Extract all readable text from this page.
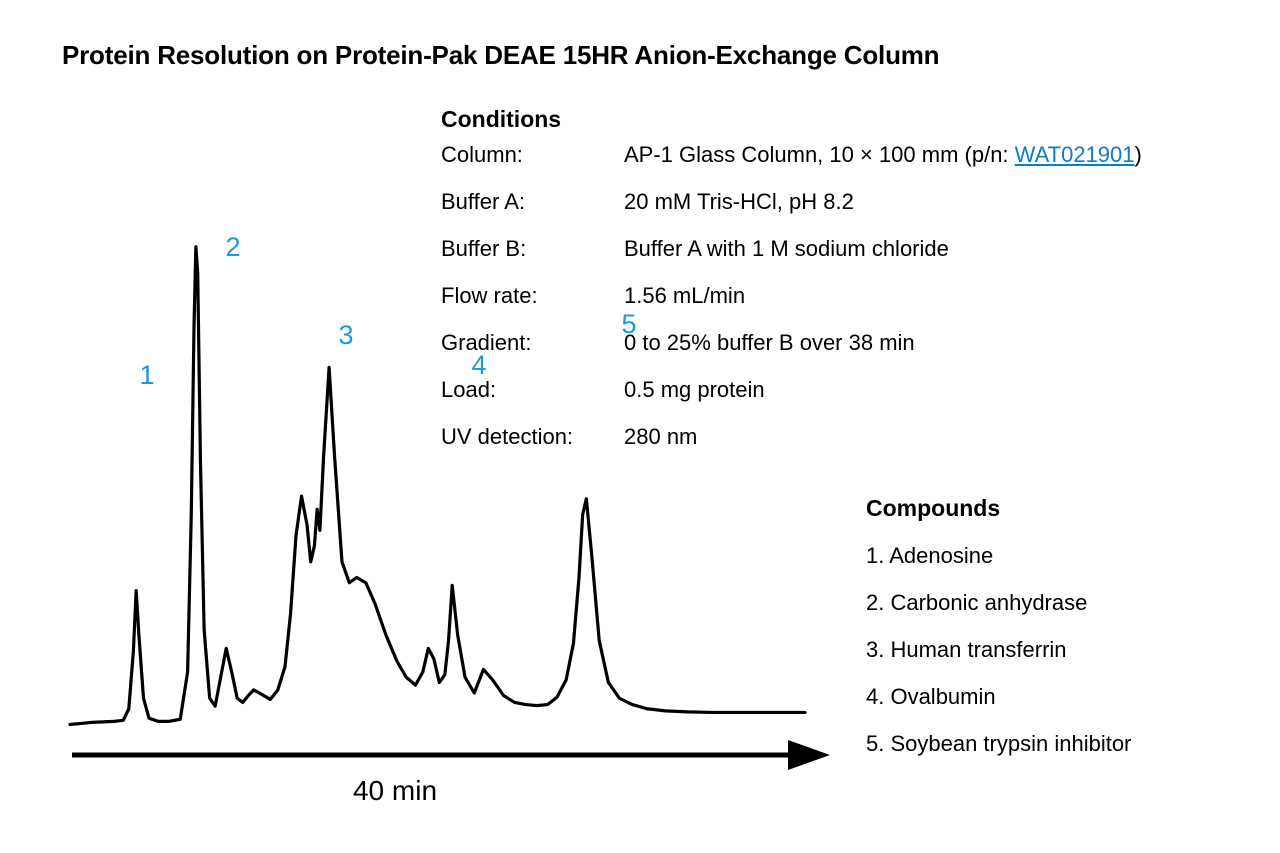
Protein Resolution on Protein-Pak DEAE 15HR Anion-Exchange Column
Conditions
Column:	AP-1 Glass Column, 10 × 100 mm (p/n: WAT021901)
Buffer A:	20 mM Tris-HCl, pH 8.2
Buffer B:	Buffer A with 1 M sodium chloride
Flow rate:	1.56 mL/min
Gradient:	0 to 25% buffer B over 38 min
Load:	0.5 mg protein
UV detection:	280 nm
Compounds
1. Adenosine
2. Carbonic anhydrase
3. Human transferrin
4. Ovalbumin
5. Soybean trypsin inhibitor
1
2
3
4
5
40 min
